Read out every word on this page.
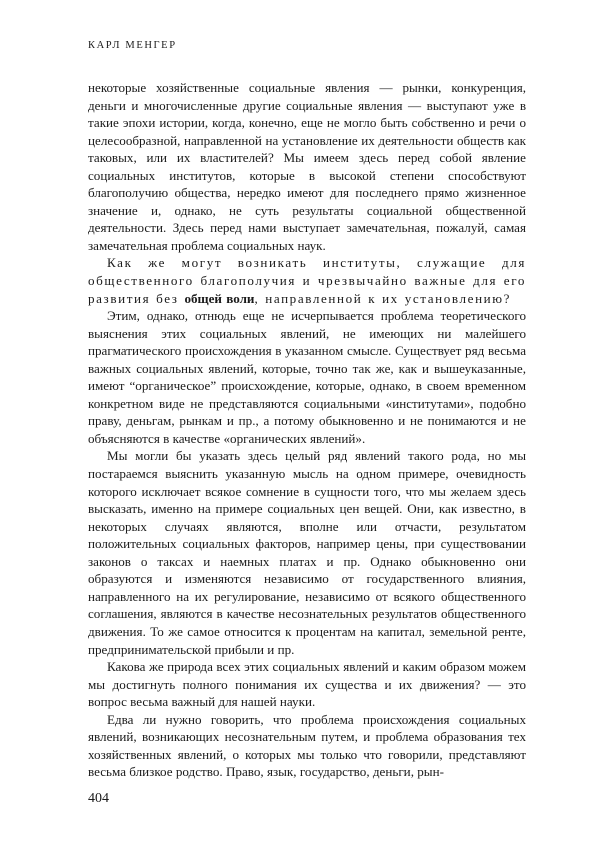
КАРЛ МЕНГЕР

некоторые хозяйственные социальные явления — рынки, конкуренция, деньги и многочисленные другие социальные явления — выступают уже в такие эпохи истории, когда, конечно, еще не могло быть собственно и речи о целесообразной, направленной на установление их деятельности обществ как таковых, или их властителей? Мы имеем здесь перед собой явление социальных институтов, которые в высокой степени способствуют благополучию общества, нередко имеют для последнего прямо жизненное значение и, однако, не суть результаты социальной общественной деятельности. Здесь перед нами выступает замечательная, пожалуй, самая замечательная проблема социальных наук.

Как же могут возникать институты, служащие для общественного благополучия и чрезвычайно важные для его развития без общей воли, направленной к их установлению?

Этим, однако, отнюдь еще не исчерпывается проблема теоретического выяснения этих социальных явлений, не имеющих ни малейшего прагматического происхождения в указанном смысле. Существует ряд весьма важных социальных явлений, которые, точно так же, как и вышеуказанные, имеют “органическое” происхождение, которые, однако, в своем временном конкретном виде не представляются социальными «институтами», подобно праву, деньгам, рынкам и пр., а потому обыкновенно и не понимаются и не объясняются в качестве «органических явлений».

Мы могли бы указать здесь целый ряд явлений такого рода, но мы постараемся выяснить указанную мысль на одном примере, очевидность которого исключает всякое сомнение в сущности того, что мы желаем здесь высказать, именно на примере социальных цен вещей. Они, как известно, в некоторых случаях являются, вполне или отчасти, результатом положительных социальных факторов, например цены, при существовании законов о таксах и наемных платах и пр. Однако обыкновенно они образуются и изменяются независимо от государственного влияния, направленного на их регулирование, независимо от всякого общественного соглашения, являются в качестве несознательных результатов общественного движения. То же самое относится к процентам на капитал, земельной ренте, предпринимательской прибыли и пр.

Какова же природа всех этих социальных явлений и каким образом можем мы достигнуть полного понимания их существа и их движения? — это вопрос весьма важный для нашей науки.

Едва ли нужно говорить, что проблема происхождения социальных явлений, возникающих несознательным путем, и проблема образования тех хозяйственных явлений, о которых мы только что говорили, представляют весьма близкое родство. Право, язык, государство, деньги, рын-

404
